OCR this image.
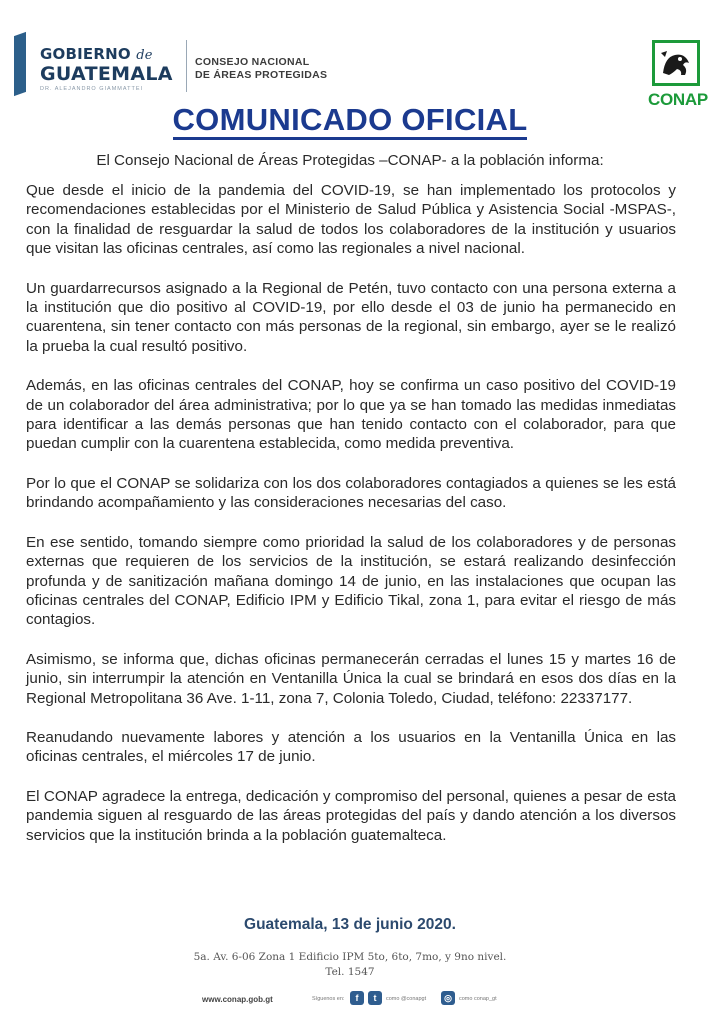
GOBIERNO de
GUATEMALA
DR. ALEJANDRO GIAMMATTEI
CONSEJO NACIONAL
DE ÁREAS PROTEGIDAS
CONAP
COMUNICADO OFICIAL
El Consejo Nacional de Áreas Protegidas –CONAP- a la población informa:

Que desde el inicio de la pandemia del COVID-19, se han implementado los protocolos y recomendaciones establecidas por el Ministerio de Salud Pública y Asistencia Social -MSPAS-, con la finalidad de resguardar la salud de todos los colaboradores de la institución y usuarios que visitan las oficinas centrales, así como las regionales a nivel nacional.

Un guardarrecursos asignado a la Regional de Petén, tuvo contacto con una persona externa a la institución que dio positivo al COVID-19, por ello desde el 03 de junio ha permanecido en cuarentena, sin tener contacto con más personas de la regional, sin embargo, ayer se le realizó la prueba la cual resultó positivo.

Además, en las oficinas centrales del CONAP, hoy se confirma un caso positivo del COVID-19 de un colaborador del área administrativa; por lo que ya se han tomado las medidas inmediatas para identificar a las demás personas que han tenido contacto con el colaborador, para que puedan cumplir con la cuarentena establecida, como medida preventiva.

Por lo que el CONAP se solidariza con los dos colaboradores contagiados a quienes se les está brindando acompañamiento y las consideraciones necesarias del caso.

En ese sentido, tomando siempre como prioridad la salud de los colaboradores y de personas externas que requieren de los servicios de la institución, se estará realizando desinfección profunda y de sanitización mañana domingo 14 de junio, en las instalaciones que ocupan las oficinas centrales del CONAP, Edificio IPM y Edificio Tikal, zona 1, para evitar el riesgo de más contagios.

Asimismo, se informa que, dichas oficinas permanecerán cerradas el lunes 15 y martes 16 de junio, sin interrumpir la atención en Ventanilla Única la cual se brindará en esos dos días en la Regional Metropolitana 36 Ave. 1-11, zona 7, Colonia Toledo, Ciudad, teléfono: 22337177.

Reanudando nuevamente labores y atención a los usuarios en la Ventanilla Única en las oficinas centrales, el miércoles 17 de junio.

El CONAP agradece la entrega, dedicación y compromiso del personal, quienes a pesar de esta pandemia siguen al resguardo de las áreas protegidas del país y dando atención a los diversos servicios que la institución brinda a la población guatemalteca.

Guatemala, 13 de junio 2020.
5a. Av. 6-06 Zona 1 Edificio IPM 5to, 6to, 7mo, y 9no nivel.
Tel. 1547
www.conap.gob.gt	Síguenos en:	f	t	como @conapgt	◎	como conap_gt
